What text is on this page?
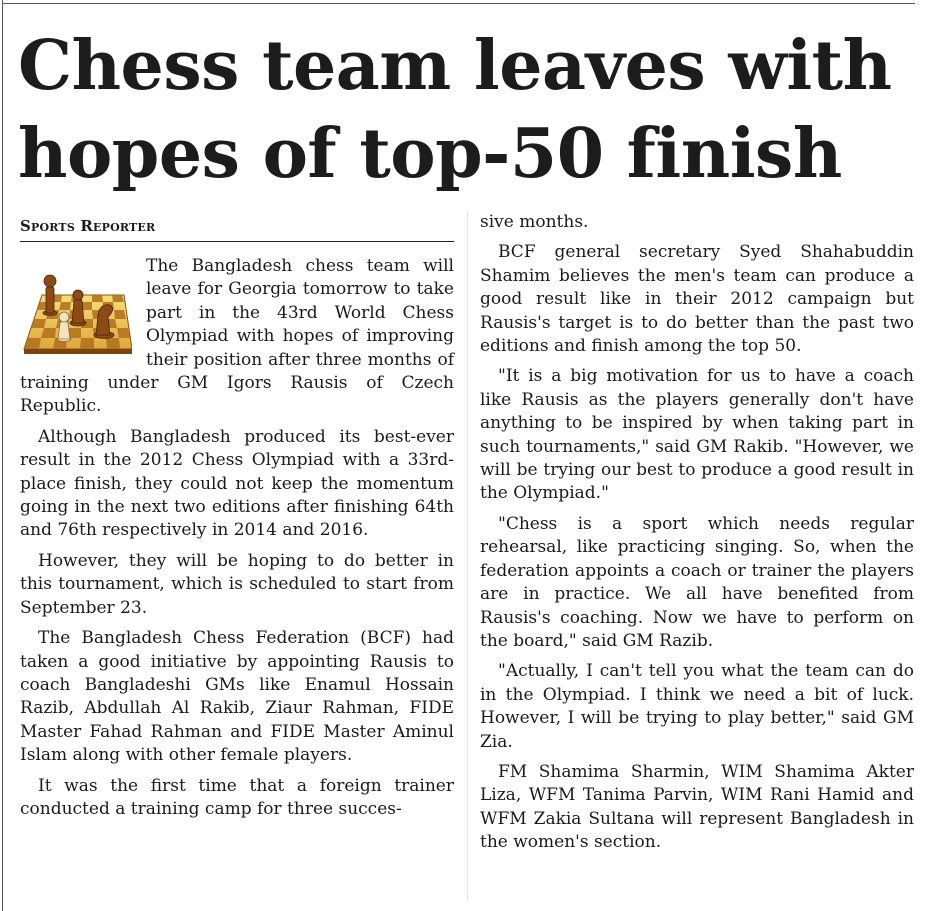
Chess team leaves with
hopes of top-50 finish
Sports Reporter

The Bangladesh chess team will leave for Georgia tomorrow to take part in the 43rd World Chess Olympiad with hopes of improving their position after three months of training under GM Igors Rausis of Czech Republic.

Although Bangladesh produced its best-ever result in the 2012 Chess Olympiad with a 33rd-place finish, they could not keep the momentum going in the next two editions after finishing 64th and 76th respectively in 2014 and 2016.

However, they will be hoping to do better in this tournament, which is scheduled to start from September 23.

The Bangladesh Chess Federation (BCF) had taken a good initiative by appointing Rausis to coach Bangladeshi GMs like Enamul Hossain Razib, Abdullah Al Rakib, Ziaur Rahman, FIDE Master Fahad Rahman and FIDE Master Aminul Islam along with other female players.

It was the first time that a foreign trainer conducted a training camp for three succes-

sive months.

BCF general secretary Syed Shahabuddin Shamim believes the men's team can produce a good result like in their 2012 campaign but Rausis's target is to do better than the past two editions and finish among the top 50.

"It is a big motivation for us to have a coach like Rausis as the players generally don't have anything to be inspired by when taking part in such tournaments," said GM Rakib. "However, we will be trying our best to produce a good result in the Olympiad."

"Chess is a sport which needs regular rehearsal, like practicing singing. So, when the federation appoints a coach or trainer the players are in practice. We all have benefited from Rausis's coaching. Now we have to perform on the board," said GM Razib.

"Actually, I can't tell you what the team can do in the Olympiad. I think we need a bit of luck. However, I will be trying to play better," said GM Zia.

FM Shamima Sharmin, WIM Shamima Akter Liza, WFM Tanima Parvin, WIM Rani Hamid and WFM Zakia Sultana will represent Bangladesh in the women's section.
